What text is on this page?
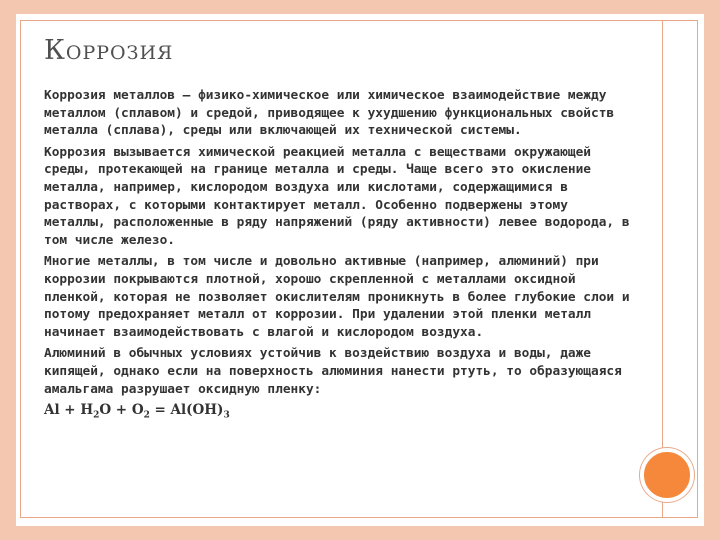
КОРРОЗИЯ

Коррозия металлов – физико-химическое или химическое взаимодействие между металлом (сплавом) и средой, приводящее к ухудшению функциональных свойств металла (сплава), среды или включающей их технической системы.

Коррозия вызывается химической реакцией металла с веществами окружающей среды, протекающей на границе металла и среды. Чаще всего это окисление металла, например, кислородом воздуха или кислотами, содержащимися в растворах, с которыми контактирует металл. Особенно подвержены этому металлы, расположенные в ряду напряжений (ряду активности) левее водорода, в том числе железо.

Многие металлы, в том числе и довольно активные (например, алюминий) при коррозии покрываются плотной, хорошо скрепленной с металлами оксидной пленкой, которая не позволяет окислителям проникнуть в более глубокие слои и потому предохраняет металл от коррозии. При удалении этой пленки металл начинает взаимодействовать с влагой и кислородом воздуха.

Алюминий в обычных условиях устойчив к воздействию воздуха и воды, даже кипящей, однако если на поверхность алюминия нанести ртуть, то образующаяся амальгама разрушает оксидную пленку:

$Al + H_2O + O_2 = Al(OH)_3$
